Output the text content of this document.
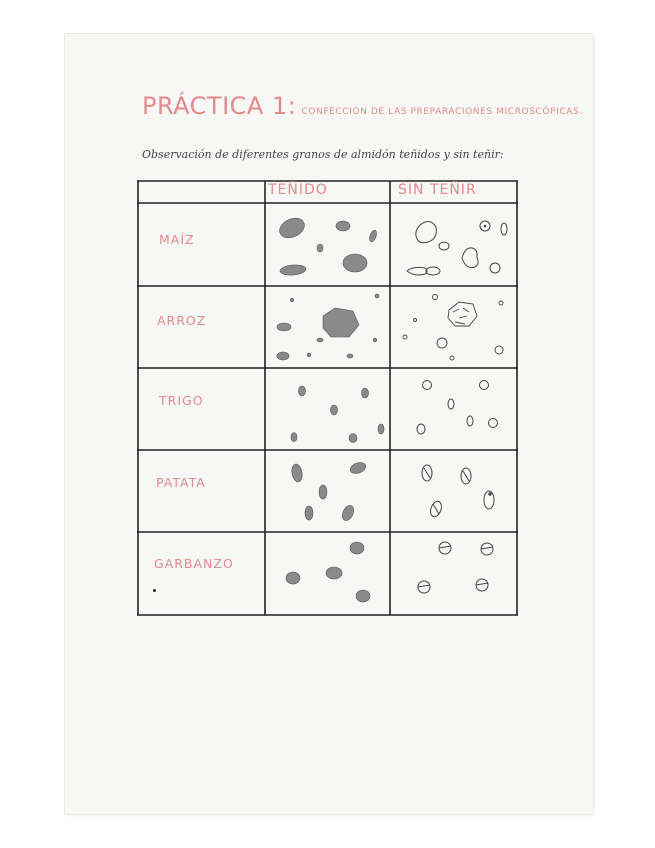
PRÁCTICA 1: CONFECCIÓN DE LAS PREPARACIONES MICROSCÓPICAS.
Observación de diferentes granos de almidón teñidos y sin teñir:
TEÑIDO	SIN TEÑIR
MAÍZ
ARROZ
TRIGO
PATATA
GARBANZO
